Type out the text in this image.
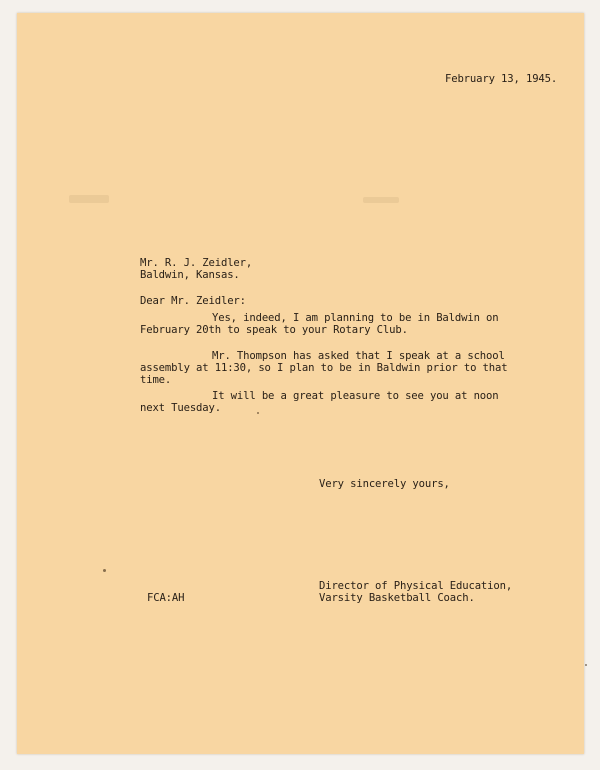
February 13, 1945.
Mr. R. J. Zeidler,
Baldwin, Kansas.
Dear Mr. Zeidler:
Yes, indeed, I am planning to be in Baldwin on
February 20th to speak to your Rotary Club.
Mr. Thompson has asked that I speak at a school
assembly at 11:30, so I plan to be in Baldwin prior to that
time.
It will be a great pleasure to see you at noon
next Tuesday.
Very sincerely yours,
Director of Physical Education,
Varsity Basketball Coach.
FCA:AH
